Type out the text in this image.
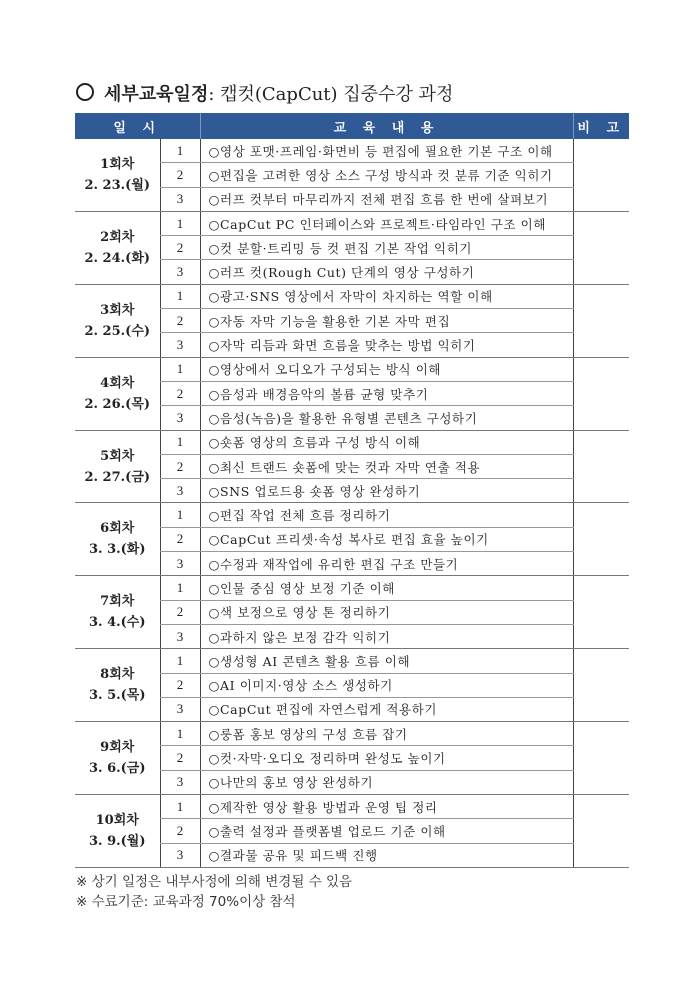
세부교육일정: 캡컷(CapCut) 집중수강 과정
일 시		교 육 내 용	비 고

1회차
2. 23.(월)	1	○영상 포맷·프레임·화면비 등 편집에 필요한 기본 구조 이해	
	2	○편집을 고려한 영상 소스 구성 방식과 컷 분류 기준 익히기	
	3	○러프 컷부터 마무리까지 전체 편집 흐름 한 번에 살펴보기	

2회차
2. 24.(화)	1	○CapCut PC 인터페이스와 프로젝트·타임라인 구조 이해	
	2	○컷 분할·트리밍 등 컷 편집 기본 작업 익히기	
	3	○러프 컷(Rough Cut) 단계의 영상 구성하기	

3회차
2. 25.(수)	1	○광고·SNS 영상에서 자막이 차지하는 역할 이해	
	2	○자동 자막 기능을 활용한 기본 자막 편집	
	3	○자막 리듬과 화면 흐름을 맞추는 방법 익히기	

4회차
2. 26.(목)	1	○영상에서 오디오가 구성되는 방식 이해	
	2	○음성과 배경음악의 볼륨 균형 맞추기	
	3	○음성(녹음)을 활용한 유형별 콘텐츠 구성하기	

5회차
2. 27.(금)	1	○숏폼 영상의 흐름과 구성 방식 이해	
	2	○최신 트랜드 숏폼에 맞는 컷과 자막 연출 적용	
	3	○SNS 업로드용 숏폼 영상 완성하기	

6회차
3. 3.(화)	1	○편집 작업 전체 흐름 정리하기	
	2	○CapCut 프리셋·속성 복사로 편집 효율 높이기	
	3	○수정과 재작업에 유리한 편집 구조 만들기	

7회차
3. 4.(수)	1	○인물 중심 영상 보정 기준 이해	
	2	○색 보정으로 영상 톤 정리하기	
	3	○과하지 않은 보정 감각 익히기	

8회차
3. 5.(목)	1	○생성형 AI 콘텐츠 활용 흐름 이해	
	2	○AI 이미지·영상 소스 생성하기	
	3	○CapCut 편집에 자연스럽게 적용하기	

9회차
3. 6.(금)	1	○룽폼 홍보 영상의 구성 흐름 잡기	
	2	○컷·자막·오디오 정리하며 완성도 높이기	
	3	○나만의 홍보 영상 완성하기	

10회차
3. 9.(월)	1	○제작한 영상 활용 방법과 운영 팁 정리	
	2	○출력 설정과 플랫폼별 업로드 기준 이해	
	3	○결과물 공유 및 피드백 진행	
※ 상기 일정은 내부사정에 의해 변경될 수 있음
※ 수료기준: 교육과정 70%이상 참석
